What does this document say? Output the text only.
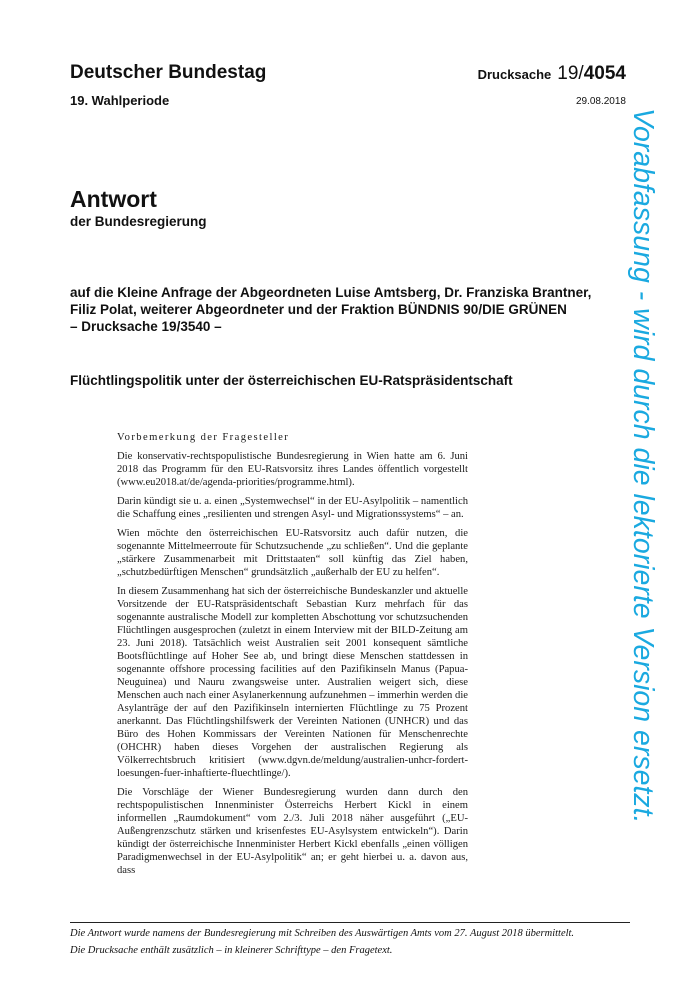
Deutscher Bundestag
19. Wahlperiode
Drucksache 19/4054
29.08.2018
Antwort
der Bundesregierung
auf die Kleine Anfrage der Abgeordneten Luise Amtsberg, Dr. Franziska Brantner,
Filiz Polat, weiterer Abgeordneter und der Fraktion BÜNDNIS 90/DIE GRÜNEN
– Drucksache 19/3540 –
Flüchtlingspolitik unter der österreichischen EU-Ratspräsidentschaft
Vorbemerkung der Fragesteller

Die konservativ-rechtspopulistische Bundesregierung in Wien hatte am 6. Juni 2018 das Programm für den EU-Ratsvorsitz ihres Landes öffentlich vorgestellt (www.eu2018.at/de/agenda-priorities/programme.html).

Darin kündigt sie u. a. einen „Systemwechsel“ in der EU-Asylpolitik – namentlich die Schaffung eines „resilienten und strengen Asyl- und Migrationssystems“ – an.

Wien möchte den österreichischen EU-Ratsvorsitz auch dafür nutzen, die sogenannte Mittelmeerroute für Schutzsuchende „zu schließen“. Und die geplante „stärkere Zusammenarbeit mit Drittstaaten“ soll künftig das Ziel haben, „schutzbedürftigen Menschen“ grundsätzlich „außerhalb der EU zu helfen“.

In diesem Zusammenhang hat sich der österreichische Bundeskanzler und aktuelle Vorsitzende der EU-Ratspräsidentschaft Sebastian Kurz mehrfach für das sogenannte australische Modell zur kompletten Abschottung vor schutzsuchenden Flüchtlingen ausgesprochen (zuletzt in einem Interview mit der BILD-Zeitung am 23. Juni 2018). Tatsächlich weist Australien seit 2001 konsequent sämtliche Bootsflüchtlinge auf Hoher See ab, und bringt diese Menschen stattdessen in sogenannte offshore processing facilities auf den Pazifikinseln Manus (Papua-Neuguinea) und Nauru zwangsweise unter. Australien weigert sich, diese Menschen auch nach einer Asylanerkennung aufzunehmen – immerhin werden die Asylanträge der auf den Pazifikinseln internierten Flüchtlinge zu 75 Prozent anerkannt. Das Flüchtlingshilfswerk der Vereinten Nationen (UNHCR) und das Büro des Hohen Kommissars der Vereinten Nationen für Menschenrechte (OHCHR) haben dieses Vorgehen der australischen Regierung als Völkerrechtsbruch kritisiert (www.dgvn.de/meldung/australien-unhcr-fordert-loesungen-fuer-inhaftierte-fluechtlinge/).

Die Vorschläge der Wiener Bundesregierung wurden dann durch den rechtspopulistischen Innenminister Österreichs Herbert Kickl in einem informellen „Raumdokument“ vom 2./3. Juli 2018 näher ausgeführt („EU-Außengrenzschutz stärken und krisenfestes EU-Asylsystem entwickeln“). Darin kündigt der österreichische Innenminister Herbert Kickl ebenfalls „einen völligen Paradigmenwechsel in der EU-Asylpolitik“ an; er geht hierbei u. a. davon aus, dass

Die Antwort wurde namens der Bundesregierung mit Schreiben des Auswärtigen Amts vom 27. August 2018 übermittelt.
Die Drucksache enthält zusätzlich – in kleinerer Schrifttype – den Fragetext.
Vorabfassung - wird durch die lektorierte Version ersetzt.
